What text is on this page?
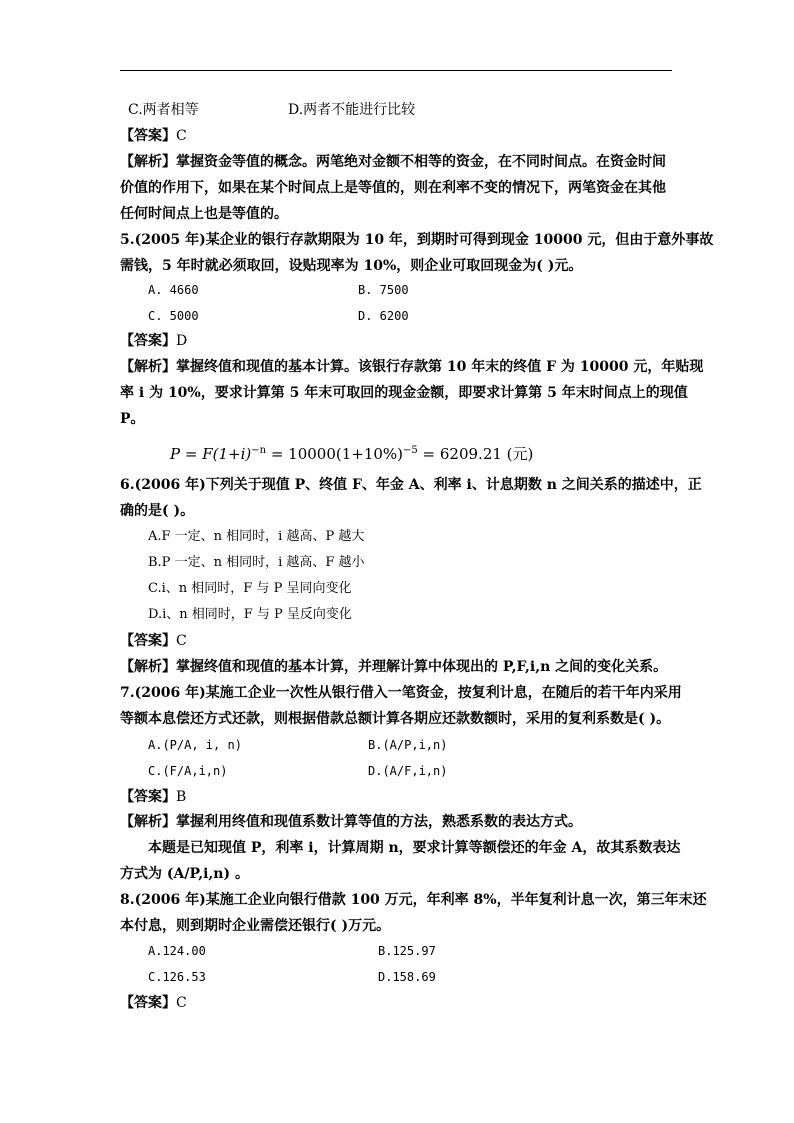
C.两者相等	D.两者不能进行比较
【答案】C
【解析】掌握资金等值的概念。两笔绝对金额不相等的资金，在不同时间点。在资金时间
价值的作用下，如果在某个时间点上是等值的，则在利率不变的情况下，两笔资金在其他
任何时间点上也是等值的。
5.(2005 年)某企业的银行存款期限为 10 年，到期时可得到现金 10000 元，但由于意外事故
需钱，5 年时就必须取回，设贴现率为 10%，则企业可取回现金为( )元。
A. 4660	B. 7500
C. 5000	D. 6200
【答案】D
【解析】掌握终值和现值的基本计算。该银行存款第 10 年末的终值 F 为 10000 元，年贴现
率 i 为 10%，要求计算第 5 年末可取回的现金金额，即要求计算第 5 年末时间点上的现值
P。
$P = F(1+i)^{-n} = 10000(1+10\%)^{-5} = 6209.21$ (元)
6.(2006 年)下列关于现值 P、终值 F、年金 A、利率 i、计息期数 n 之间关系的描述中，正
确的是( )。
A.F 一定、n 相同时，i 越高、P 越大
B.P 一定、n 相同时，i 越高、F 越小
C.i、n 相同时，F 与 P 呈同向变化
D.i、n 相同时，F 与 P 呈反向变化
【答案】C
【解析】掌握终值和现值的基本计算，并理解计算中体现出的 P,F,i,n 之间的变化关系。
7.(2006 年)某施工企业一次性从银行借入一笔资金，按复利计息，在随后的若干年内采用
等额本息偿还方式还款，则根据借款总额计算各期应还款数额时，采用的复利系数是( )。
A.(P/A, i, n)	B.(A/P,i,n)
C.(F/A,i,n)	D.(A/F,i,n)
【答案】B
【解析】掌握利用终值和现值系数计算等值的方法，熟悉系数的表达方式。
本题是已知现值 P，利率 i，计算周期 n，要求计算等额偿还的年金 A，故其系数表达
方式为 (A/P,i,n) 。
8.(2006 年)某施工企业向银行借款 100 万元，年利率 8%，半年复利计息一次，第三年末还
本付息，则到期时企业需偿还银行( )万元。
A.124.00	B.125.97
C.126.53	D.158.69
【答案】C
